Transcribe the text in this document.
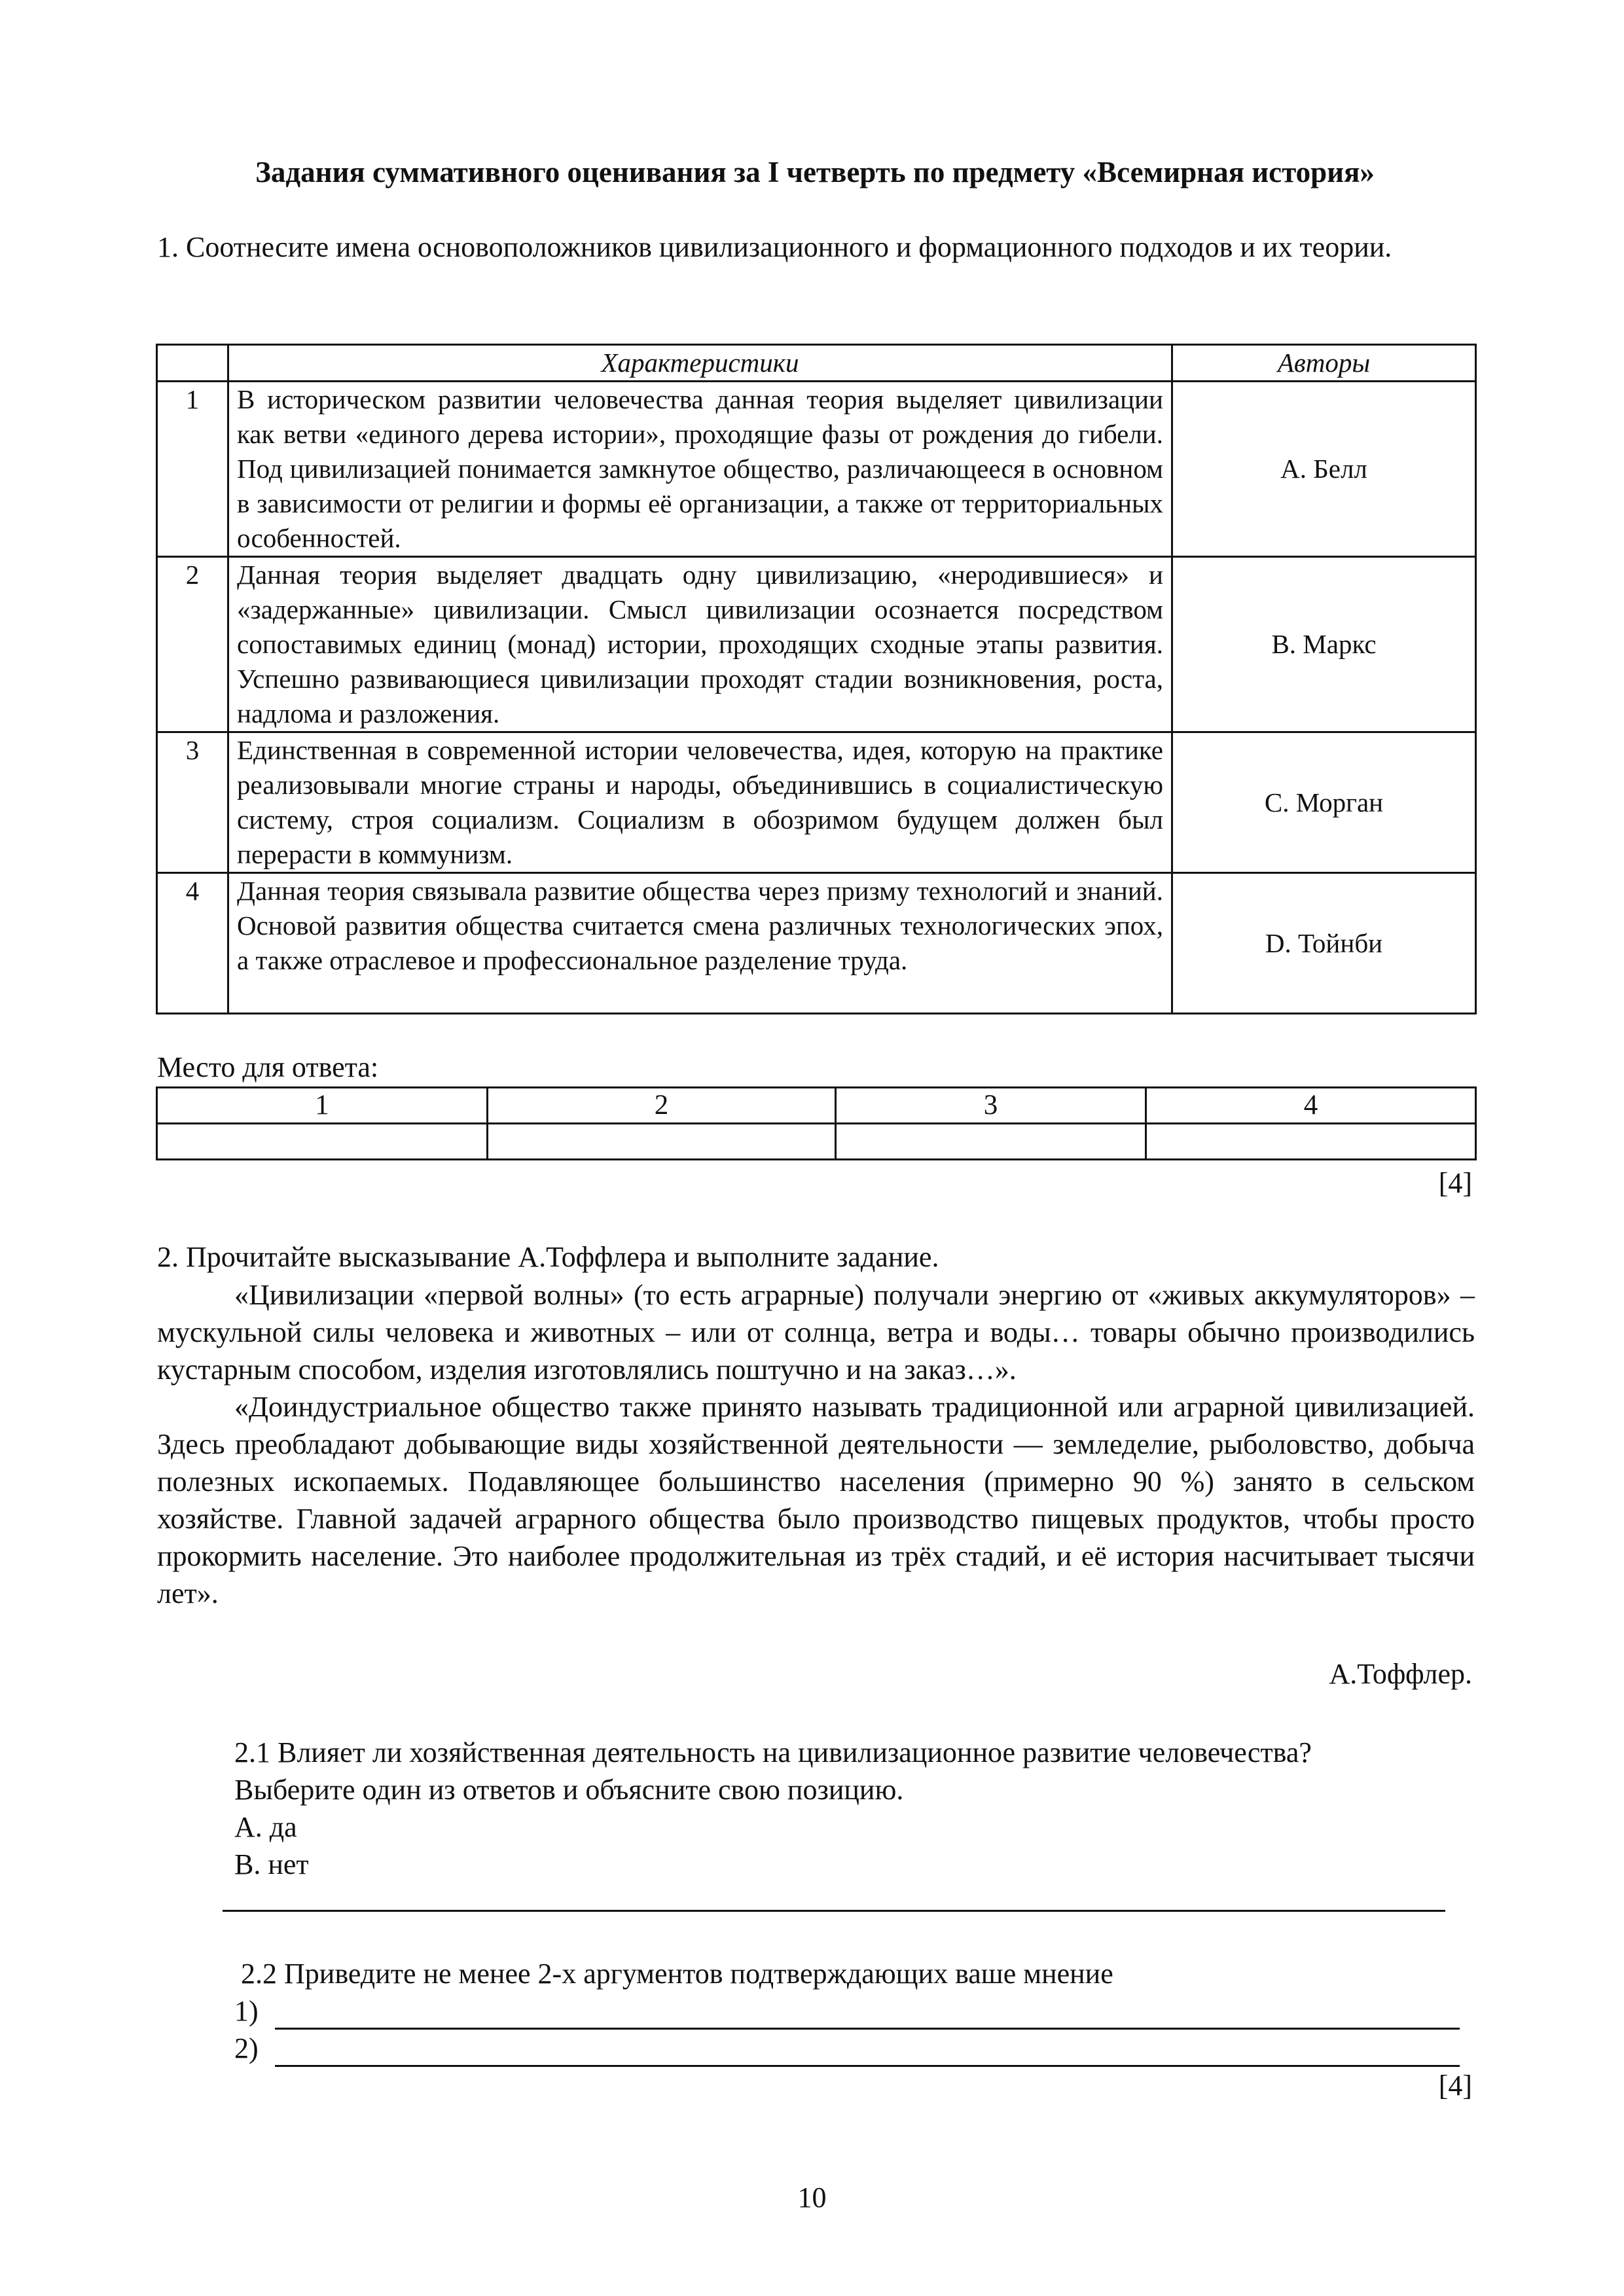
Задания суммативного оценивания за I четверть по предмету «Всемирная история»
1. Соотнесите имена основоположников цивилизационного и формационного подходов и их теории.
	Характеристики	Авторы
1	В историческом развитии человечества данная теория выделяет цивилизации как ветви «единого дерева истории», проходящие фазы от рождения до гибели. Под цивилизацией понимается замкнутое общество, различающееся в основном в зависимости от религии и формы её организации, а также от территориальных особенностей.	A. Белл
2	Данная теория выделяет двадцать одну цивилизацию, «неродившиеся» и «задержанные» цивилизации. Смысл цивилизации осознается посредством сопоставимых единиц (монад) истории, проходящих сходные этапы развития. Успешно развивающиеся цивилизации проходят стадии возникновения, роста, надлома и разложения.	B. Маркс
3	Единственная в современной истории человечества, идея, которую на практике реализовывали многие страны и народы, объединившись в социалистическую систему, строя социализм. Социализм в обозримом будущем должен был перерасти в коммунизм.	C. Морган
4	Данная теория связывала развитие общества через призму технологий и знаний. Основой развития общества считается смена различных технологических эпох, а также отраслевое и профессиональное разделение труда.	D. Тойнби
Место для ответа:
1	2	3	4

[4]
2. Прочитайте высказывание А.Тоффлера и выполните задание.

«Цивилизации «первой волны» (то есть аграрные) получали энергию от «живых аккумуляторов» – мускульной силы человека и животных – или от солнца, ветра и воды… товары обычно производились кустарным способом, изделия изготовлялись поштучно и на заказ…».

«Доиндустриальное общество также принято называть традиционной или аграрной цивилизацией. Здесь преобладают добывающие виды хозяйственной деятельности — земледелие, рыболовство, добыча полезных ископаемых. Подавляющее большинство населения (примерно 90 %) занято в сельском хозяйстве. Главной задачей аграрного общества было производство пищевых продуктов, чтобы просто прокормить население. Это наиболее продолжительная из трёх стадий, и её история насчитывает тысячи лет».

А.Тоффлер.
2.1 Влияет ли хозяйственная деятельность на цивилизационное развитие человечества?
Выберите один из ответов и объясните свою позицию.
А. да
В. нет
2.2 Приведите не менее 2-х аргументов подтверждающих ваше мнение
1)
2)
[4]
10
